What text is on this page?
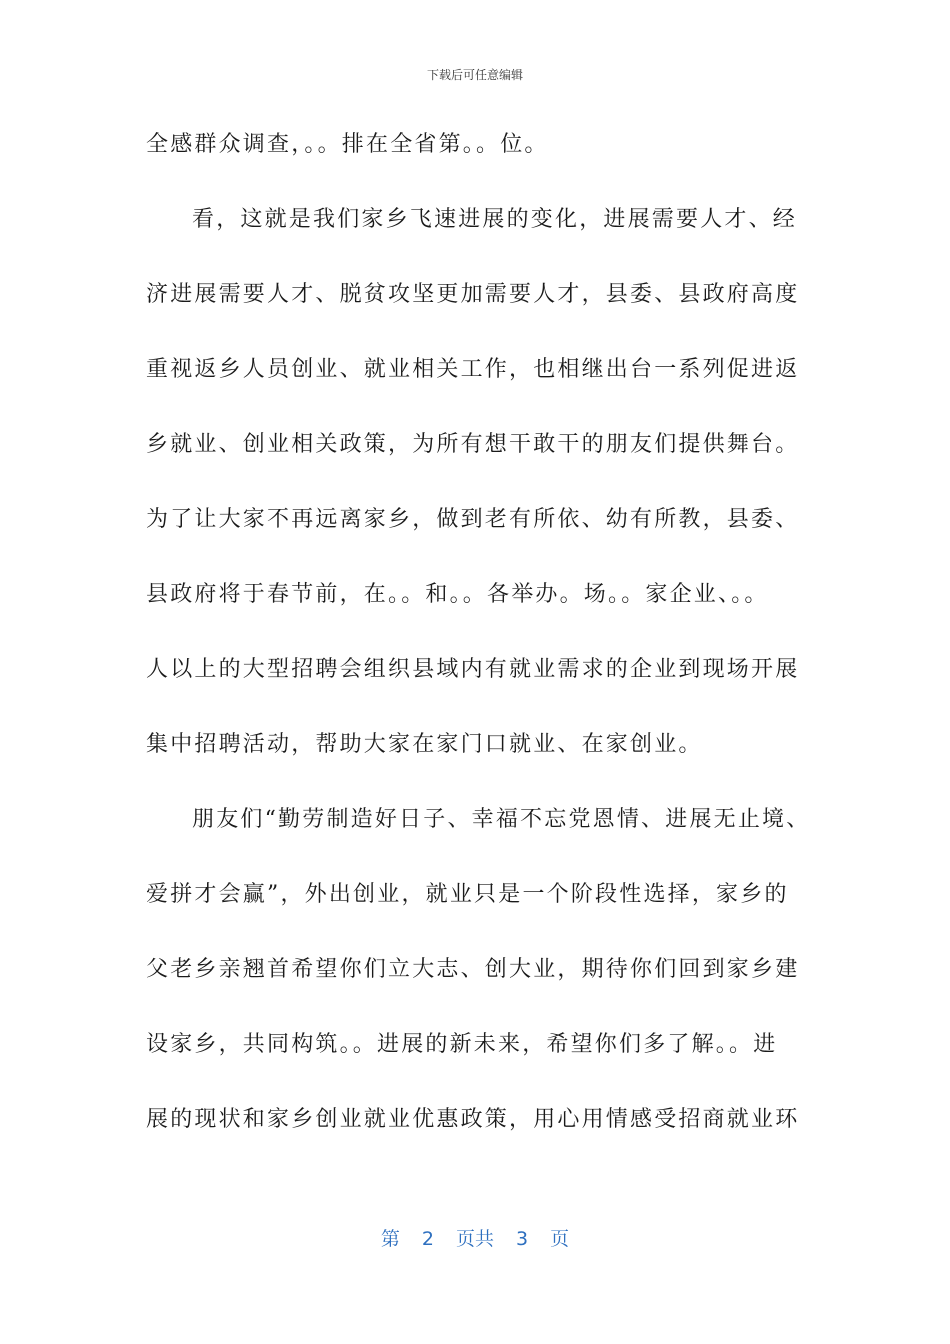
下载后可任意编辑
全感群众调查，。。排在全省第。。位。
看，这就是我们家乡飞速进展的变化，进展需要人才、经
济进展需要人才、脱贫攻坚更加需要人才，县委、县政府高度
重视返乡人员创业、就业相关工作，也相继出台一系列促进返
乡就业、创业相关政策，为所有想干敢干的朋友们提供舞台。
为了让大家不再远离家乡，做到老有所依、幼有所教，县委、
县政府将于春节前，在。。和。。各举办。场。。家企业、。。
人以上的大型招聘会组织县域内有就业需求的企业到现场开展
集中招聘活动，帮助大家在家门口就业、在家创业。
朋友们“勤劳制造好日子、幸福不忘党恩情、进展无止境、
爱拼才会赢”，外出创业，就业只是一个阶段性选择，家乡的
父老乡亲翘首希望你们立大志、创大业，期待你们回到家乡建
设家乡，共同构筑。。进展的新未来，希望你们多了解。。进
展的现状和家乡创业就业优惠政策，用心用情感受招商就业环
第 2 页共 3 页
